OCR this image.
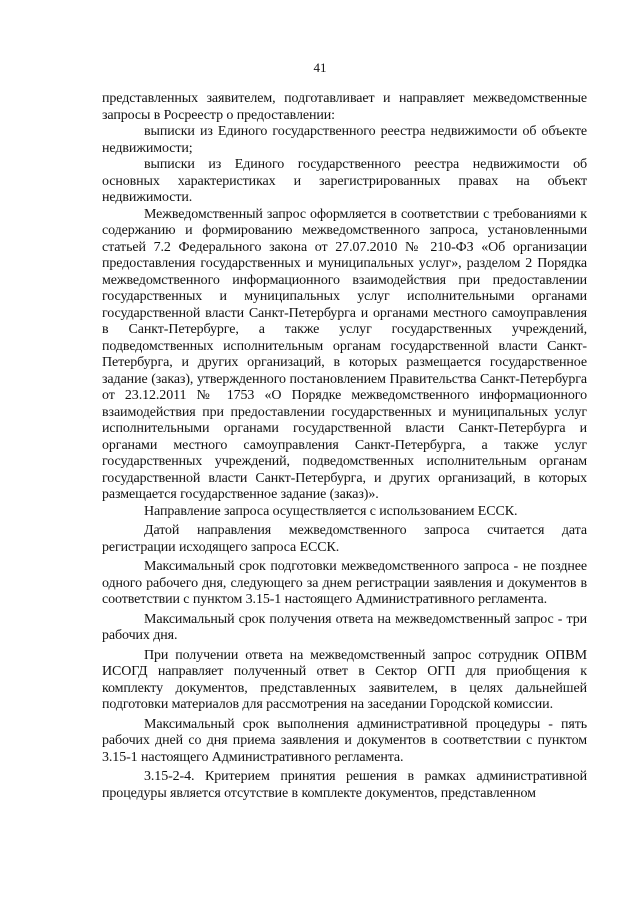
41

представленных заявителем, подготавливает и направляет межведомственные запросы в Росреестр о предоставлении:

выписки из Единого государственного реестра недвижимости об объекте недвижимости;

выписки из Единого государственного реестра недвижимости об основных характеристиках и зарегистрированных правах на объект недвижимости.

Межведомственный запрос оформляется в соответствии с требованиями к содержанию и формированию межведомственного запроса, установленными статьей 7.2 Федерального закона от 27.07.2010 № 210-ФЗ «Об организации предоставления государственных и муниципальных услуг», разделом 2 Порядка межведомственного информационного взаимодействия при предоставлении государственных и муниципальных услуг исполнительными органами государственной власти Санкт-Петербурга и органами местного самоуправления в Санкт-Петербурге, а также услуг государственных учреждений, подведомственных исполнительным органам государственной власти Санкт-Петербурга, и других организаций, в которых размещается государственное задание (заказ), утвержденного постановлением Правительства Санкт-Петербурга от 23.12.2011 № 1753 «О Порядке межведомственного информационного взаимодействия при предоставлении государственных и муниципальных услуг исполнительными органами государственной власти Санкт-Петербурга и органами местного самоуправления Санкт-Петербурга, а также услуг государственных учреждений, подведомственных исполнительным органам государственной власти Санкт-Петербурга, и других организаций, в которых размещается государственное задание (заказ)».

Направление запроса осуществляется с использованием ЕССК.

Датой направления межведомственного запроса считается дата регистрации исходящего запроса ЕССК.

Максимальный срок подготовки межведомственного запроса - не позднее одного рабочего дня, следующего за днем регистрации заявления и документов в соответствии с пунктом 3.15-1 настоящего Административного регламента.

Максимальный срок получения ответа на межведомственный запрос - три рабочих дня.

При получении ответа на межведомственный запрос сотрудник ОПВМ ИСОГД направляет полученный ответ в Сектор ОГП для приобщения к комплекту документов, представленных заявителем, в целях дальнейшей подготовки материалов для рассмотрения на заседании Городской комиссии.

Максимальный срок выполнения административной процедуры - пять рабочих дней со дня приема заявления и документов в соответствии с пунктом 3.15-1 настоящего Административного регламента.

3.15-2-4. Критерием принятия решения в рамках административной процедуры является отсутствие в комплекте документов, представленном
